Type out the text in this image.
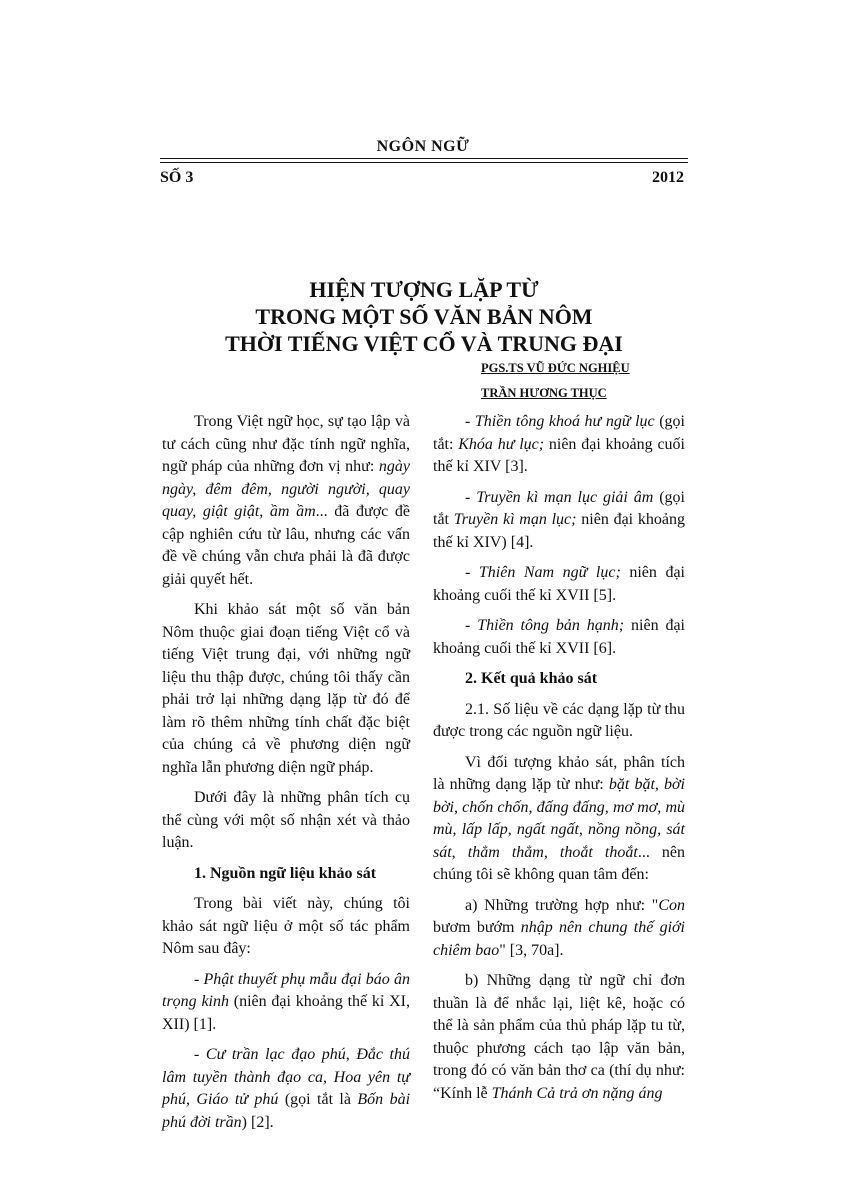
NGÔN NGỮ
SỐ 3	2012
HIỆN TƯỢNG LẶP TỪ
TRONG MỘT SỐ VĂN BẢN NÔM
THỜI TIẾNG VIỆT CỔ VÀ TRUNG ĐẠI
PGS.TS VŨ ĐỨC NGHIỆU
TRẦN HƯƠNG THỤC

Trong Việt ngữ học, sự tạo lập và tư cách cũng như đặc tính ngữ nghĩa, ngữ pháp của những đơn vị như: ngày ngày, đêm đêm, người người, quay quay, giật giật, ầm ầm... đã được đề cập nghiên cứu từ lâu, nhưng các vấn đề về chúng vẫn chưa phải là đã được giải quyết hết.

Khi khảo sát một số văn bản Nôm thuộc giai đoạn tiếng Việt cổ và tiếng Việt trung đại, với những ngữ liệu thu thập được, chúng tôi thấy cần phải trở lại những dạng lặp từ đó để làm rõ thêm những tính chất đặc biệt của chúng cả về phương diện ngữ nghĩa lẫn phương diện ngữ pháp.

Dưới đây là những phân tích cụ thể cùng với một số nhận xét và thảo luận.

1. Nguồn ngữ liệu khảo sát

Trong bài viết này, chúng tôi khảo sát ngữ liệu ở một số tác phẩm Nôm sau đây:

- Phật thuyết phụ mẫu đại báo ân trọng kinh (niên đại khoảng thế kỉ XI, XII) [1].

- Cư trần lạc đạo phú, Đắc thú lâm tuyền thành đạo ca, Hoa yên tự phú, Giáo tử phú (gọi tắt là Bốn bài phú đời trần) [2].

- Thiền tông khoá hư ngữ lục (gọi tắt: Khóa hư lục; niên đại khoảng cuối thế kỉ XIV [3].

- Truyền kì mạn lục giải âm (gọi tắt Truyền kì mạn lục; niên đại khoảng thế kỉ XIV) [4].

- Thiên Nam ngữ lục; niên đại khoảng cuối thế kỉ XVII [5].

- Thiền tông bản hạnh; niên đại khoảng cuối thế kỉ XVII [6].

2. Kết quả khảo sát

2.1. Số liệu về các dạng lặp từ thu được trong các nguồn ngữ liệu.

Vì đối tượng khảo sát, phân tích là những dạng lặp từ như: bặt bặt, bời bời, chốn chốn, đấng đấng, mơ mơ, mù mù, lấp lấp, ngất ngất, nồng nồng, sát sát, thẳm thẳm, thoắt thoắt... nên chúng tôi sẽ không quan tâm đến:

a) Những trường hợp như: "Con bươm bướm nhập nên chung thế giới chiêm bao" [3, 70a].

b) Những dạng từ ngữ chỉ đơn thuần là để nhắc lại, liệt kê, hoặc có thể là sản phẩm của thủ pháp lặp tu từ, thuộc phương cách tạo lập văn bản, trong đó có văn bản thơ ca (thí dụ như: “Kính lễ Thánh Cả trả ơn nặng áng
